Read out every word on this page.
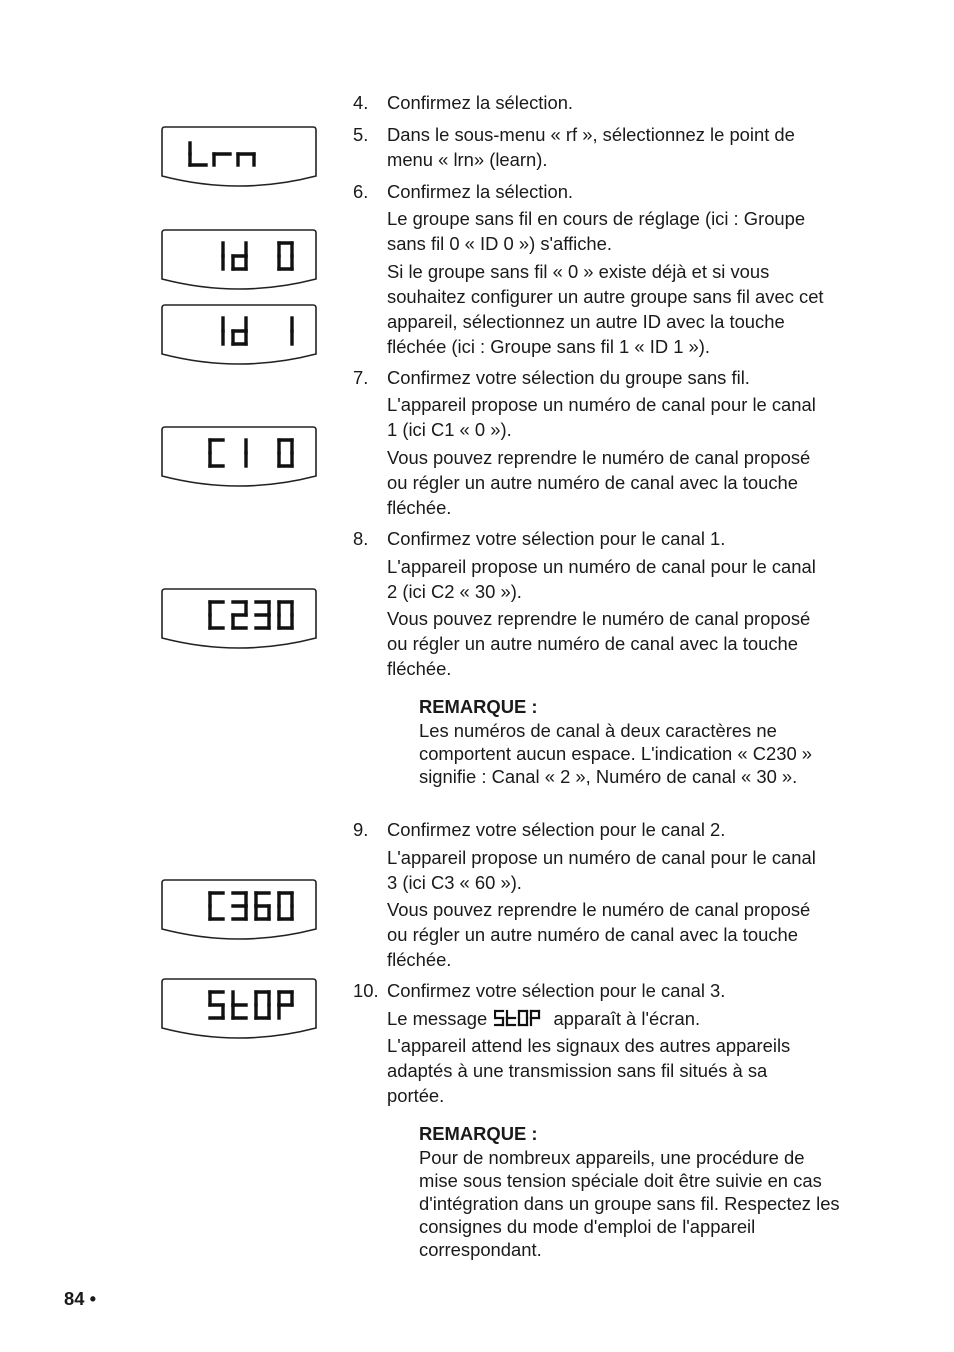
4.	Confirmez la sélection.

5.	Dans le sous-menu « rf », sélectionnez le point de menu « lrn» (learn).

6.	Confirmez la sélection.

Le groupe sans fil en cours de réglage (ici : Groupe sans fil 0 « ID 0 ») s'affiche.

Si le groupe sans fil « 0 » existe déjà et si vous souhaitez configurer un autre groupe sans fil avec cet appareil, sélectionnez un autre ID avec la touche fléchée (ici : Groupe sans fil 1 « ID 1 »).

7.	Confirmez votre sélection du groupe sans fil.

L'appareil propose un numéro de canal pour le canal 1 (ici C1 « 0 »).

Vous pouvez reprendre le numéro de canal proposé ou régler un autre numéro de canal avec la touche fléchée.

8.	Confirmez votre sélection pour le canal 1.

L'appareil propose un numéro de canal pour le canal 2 (ici C2 « 30 »).

Vous pouvez reprendre le numéro de canal proposé ou régler un autre numéro de canal avec la touche fléchée.

REMARQUE :

Les numéros de canal à deux caractères ne comportent aucun espace. L'indication « C230 » signifie : Canal « 2 », Numéro de canal « 30 ».

9.	Confirmez votre sélection pour le canal 2.

L'appareil propose un numéro de canal pour le canal 3 (ici C3 « 60 »).

Vous pouvez reprendre le numéro de canal proposé ou régler un autre numéro de canal avec la touche fléchée.

10. Confirmez votre sélection pour le canal 3.

Le message	apparaît à l'écran.

L'appareil attend les signaux des autres appareils adaptés à une transmission sans fil situés à sa portée.

REMARQUE :

Pour de nombreux appareils, une procédure de mise sous tension spéciale doit être suivie en cas d'intégration dans un groupe sans fil. Respectez les consignes du mode d'emploi de l'appareil correspondant.

84 •
